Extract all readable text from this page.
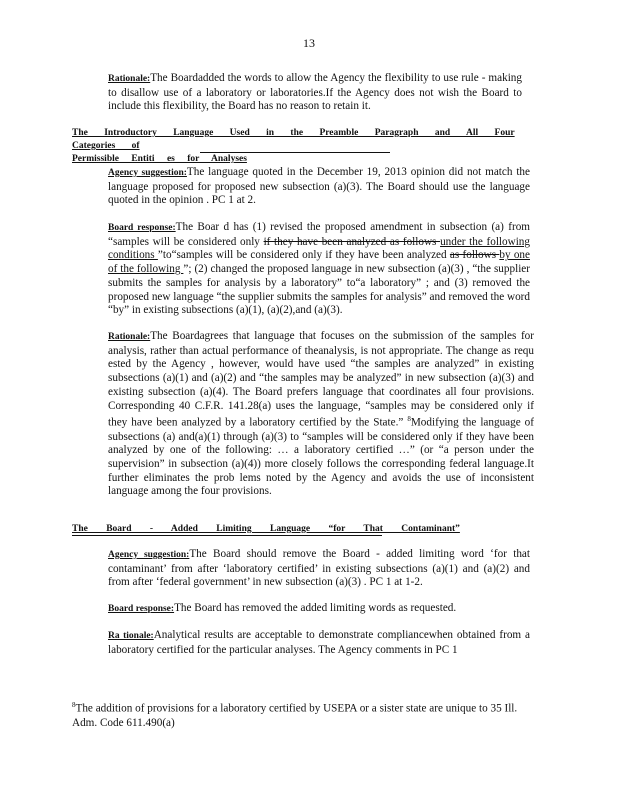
13
Rationale:The Boardadded the words to allow the Agency the flexibility to use rule - making to disallow use of a laboratory or laboratories.If the Agency does not wish the Board to include this flexibility, the Board has no reason to retain it.
The Introductory Language Used in the Preamble Paragraph and All Four Categories of
Permissible Entiti es for Analyses
Agency suggestion:The language quoted in the December 19, 2013 opinion did not match the language proposed for proposed new subsection (a)(3). The Board should use the language quoted in the opinion . PC 1 at 2.
Board response:The Boar d has (1) revised the proposed amendment in subsection (a) from “samples will be considered only if they have been analyzed as follows under the following conditions ”to“samples will be considered only if they have been analyzed as follows by one of the following ”; (2) changed the proposed language in new subsection (a)(3) , “the supplier submits the samples for analysis by a laboratory” to“a laboratory” ; and (3) removed the proposed new language “the supplier submits the samples for analysis” and removed the word “by” in existing subsections (a)(1), (a)(2),and (a)(3).
Rationale:The Boardagrees that language that focuses on the submission of the samples for analysis, rather than actual performance of theanalysis, is not appropriate. The change as requ ested by the Agency , however, would have used “the samples are analyzed” in existing subsections (a)(1) and (a)(2) and “the samples may be analyzed” in new subsection (a)(3) and existing subsection (a)(4). The Board prefers language that coordinates all four provisions. Corresponding 40 C.F.R. 141.28(a) uses the language, “samples may be considered only if they have been analyzed by a laboratory certified by the State.” $^8$Modifying the language of subsections (a) and(a)(1) through (a)(3) to “samples will be considered only if they have been analyzed by one of the following: … a laboratory certified …” (or “a person under the supervision” in subsection (a)(4)) more closely follows the corresponding federal language.It further eliminates the prob lems noted by the Agency and avoids the use of inconsistent language among the four provisions.
The Board - Added Limiting Language “for That Contaminant”
Agency suggestion:The Board should remove the Board - added limiting word ‘for that contaminant’ from after ‘laboratory certified’ in existing subsections (a)(1) and (a)(2) and from after ‘federal government’ in new subsection (a)(3) . PC 1 at 1-2.
Board response:The Board has removed the added limiting words as requested.
Ra tionale:Analytical results are acceptable to demonstrate compliancewhen obtained from a laboratory certified for the particular analyses. The Agency comments in PC 1
$^8$The addition of provisions for a laboratory certified by USEPA or a sister state are unique to 35 Ill. Adm. Code 611.490(a)
